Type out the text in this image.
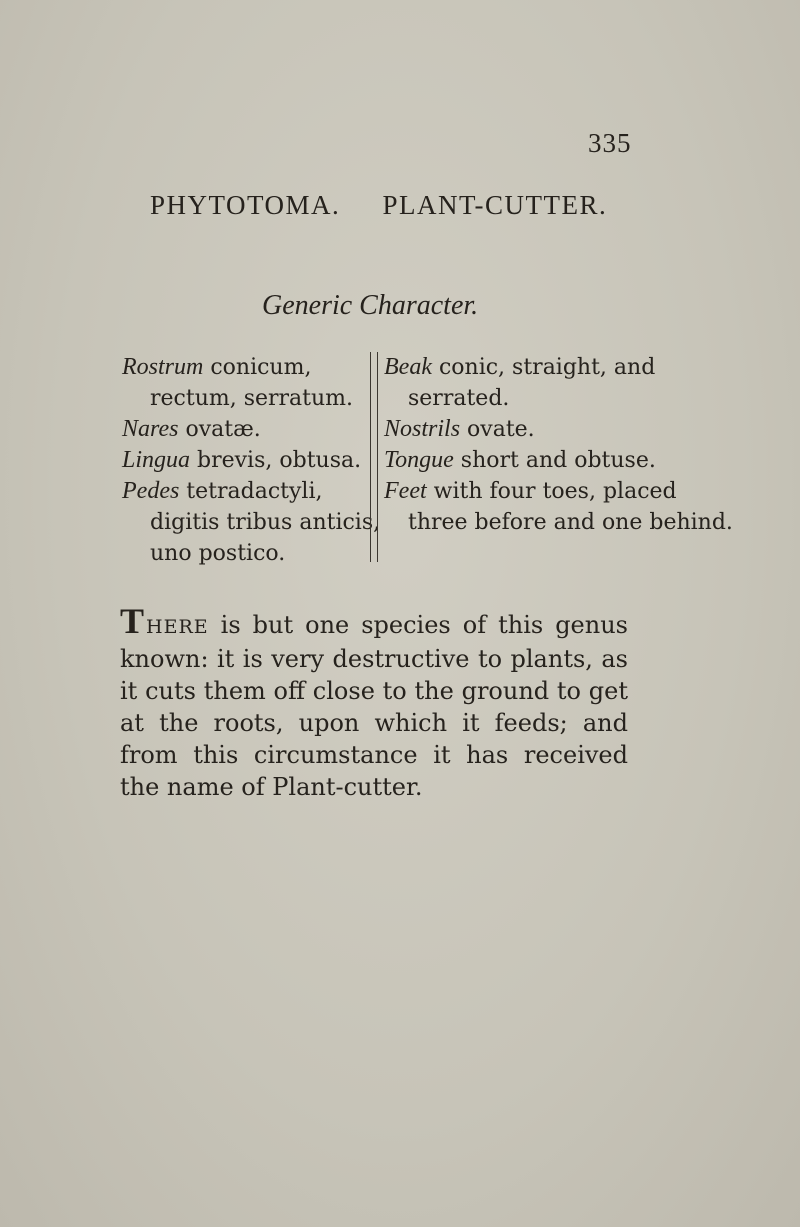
335
PHYTOTOMA. PLANT-CUTTER.
Generic Character.

Rostrum conicum, rectum, serratum.

Nares ovatæ.

Lingua brevis, obtusa.

Pedes tetradactyli, digitis tribus anticis, uno postico.

Beak conic, straight, and serrated.

Nostrils ovate.

Tongue short and obtuse.

Feet with four toes, placed three before and one behind.

THERE is but one species of this genus known: it is very destructive to plants, as it cuts them off close to the ground to get at the roots, upon which it feeds; and from this circumstance it has received the name of Plant-cutter.
